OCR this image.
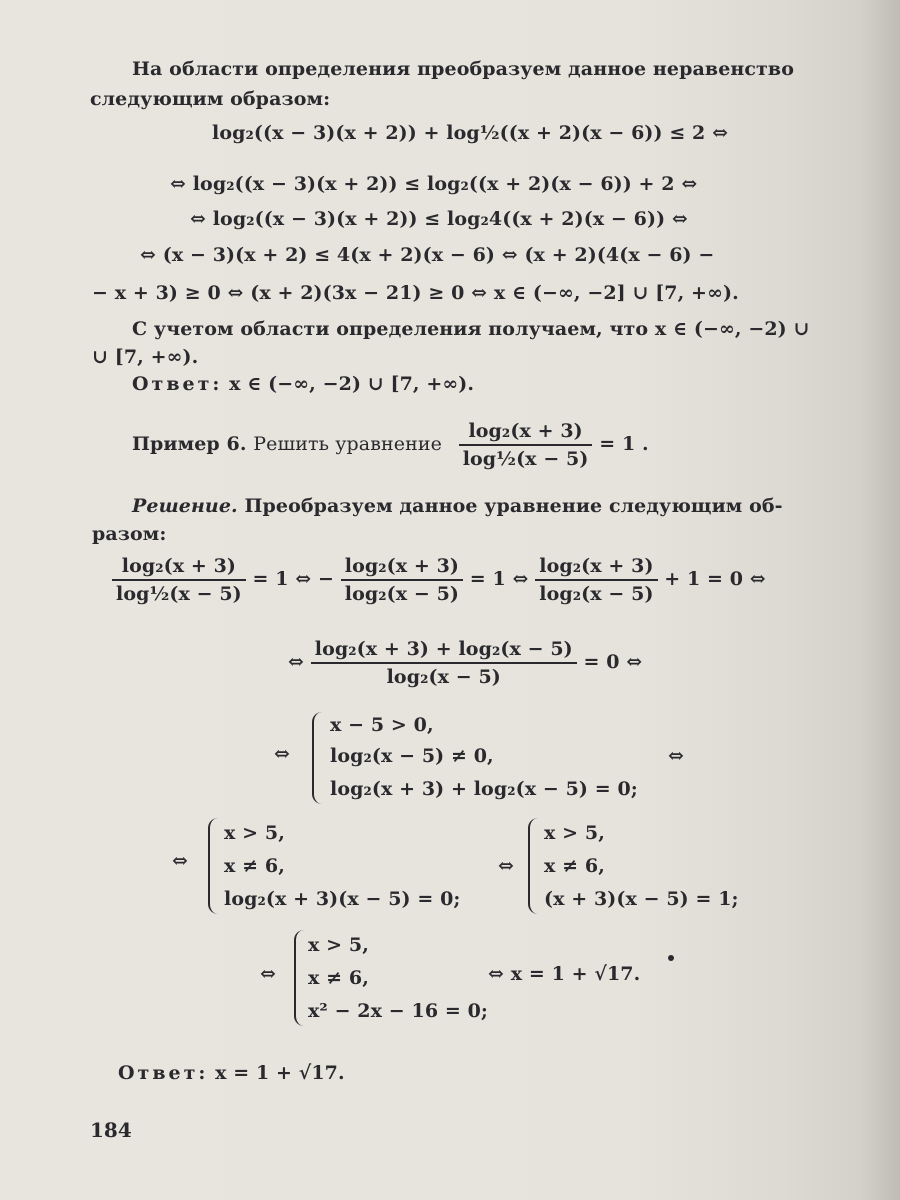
На области определения преобразуем данное неравенство
следующим образом:
log₂((x − 3)(x + 2)) + log½((x + 2)(x − 6)) ≤ 2 ⇔
⇔ log₂((x − 3)(x + 2)) ≤ log₂((x + 2)(x − 6)) + 2 ⇔
⇔ log₂((x − 3)(x + 2)) ≤ log₂4((x + 2)(x − 6)) ⇔
⇔ (x − 3)(x + 2) ≤ 4(x + 2)(x − 6) ⇔ (x + 2)(4(x − 6) −
− x + 3) ≥ 0 ⇔ (x + 2)(3x − 21) ≥ 0 ⇔ x ∈ (−∞, −2] ∪ [7, +∞).
С учетом области определения получаем, что x ∈ (−∞, −2) ∪
∪ [7, +∞).
Ответ: x ∈ (−∞, −2) ∪ [7, +∞).
Пример 6. Решить уравнение $\frac{\text{log₂(x + 3)}}{\text{log½(x − 5)}} = 1$ .
Решение. Преобразуем данное уравнение следующим об-
разом:
$\frac{\text{log₂(x + 3)}}{\text{log½(x − 5)}} = 1$ ⇔ − $\frac{\text{log₂(x + 3)}}{\text{log₂(x − 5)}} = 1$ ⇔ $\frac{\text{log₂(x + 3)}}{\text{log₂(x − 5)}} + 1 = 0$ ⇔
⇔ $\frac{\text{log₂(x + 3) + log₂(x − 5)}}{\text{log₂(x − 5)}} = 0$ ⇔
⇔
x − 5 > 0,
log₂(x − 5) ≠ 0,
log₂(x + 3) + log₂(x − 5) = 0;
⇔
⇔
x > 5,
x ≠ 6,
log₂(x + 3)(x − 5) = 0;
⇔
x > 5,
x ≠ 6,
(x + 3)(x − 5) = 1;
⇔
x > 5,
x ≠ 6,
x² − 2x − 16 = 0;
⇔ x = 1 + √17.
Ответ: x = 1 + √17.
184
